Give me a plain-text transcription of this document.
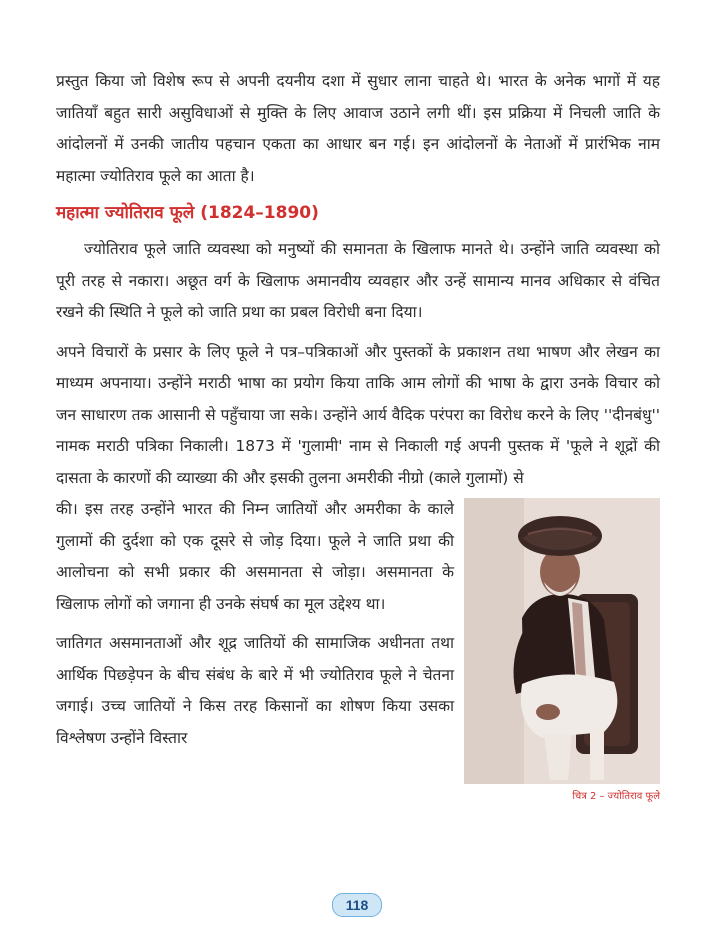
प्रस्तुत किया जो विशेष रूप से अपनी दयनीय दशा में सुधार लाना चाहते थे। भारत के अनेक भागों में यह जातियाँ बहुत सारी असुविधाओं से मुक्ति के लिए आवाज उठाने लगी थीं। इस प्रक्रिया में निचली जाति के आंदोलनों में उनकी जातीय पहचान एकता का आधार बन गई। इन आंदोलनों के नेताओं में प्रारंभिक नाम महात्मा ज्योतिराव फूले का आता है।

महात्मा ज्योतिराव फूले (1824–1890)

ज्योतिराव फूले जाति व्यवस्था को मनुष्यों की समानता के खिलाफ मानते थे। उन्होंने जाति व्यवस्था को पूरी तरह से नकारा। अछूत वर्ग के खिलाफ अमानवीय व्यवहार और उन्हें सामान्य मानव अधिकार से वंचित रखने की स्थिति ने फूले को जाति प्रथा का प्रबल विरोधी बना दिया।

अपने विचारों के प्रसार के लिए फूले ने पत्र–पत्रिकाओं और पुस्तकों के प्रकाशन तथा भाषण और लेखन का माध्यम अपनाया। उन्होंने मराठी भाषा का प्रयोग किया ताकि आम लोगों की भाषा के द्वारा उनके विचार को जन साधारण तक आसानी से पहुँचाया जा सके। उन्होंने आर्य वैदिक परंपरा का विरोध करने के लिए ''दीनबंधु'' नामक मराठी पत्रिका निकाली। 1873 में 'गुलामी' नाम से निकाली गई अपनी पुस्तक में 'फूले ने शूद्रों की दासता के कारणों की व्याख्या की और इसकी तुलना अमरीकी नीग्रो (काले गुलामों) से

की। इस तरह उन्होंने भारत की निम्न जातियों और अमरीका के काले गुलामों की दुर्दशा को एक दूसरे से जोड़ दिया। फूले ने जाति प्रथा की आलोचना को सभी प्रकार की असमानता से जोड़ा। असमानता के खिलाफ लोगों को जगाना ही उनके संघर्ष का मूल उद्देश्य था।

जातिगत असमानताओं और शूद्र जातियों की सामाजिक अधीनता तथा आर्थिक पिछड़ेपन के बीच संबंध के बारे में भी ज्योतिराव फूले ने चेतना जगाई। उच्च जातियों ने किस तरह किसानों का शोषण किया उसका विश्लेषण उन्होंने विस्तार

चित्र 2 – ज्योतिराव फूले
118
